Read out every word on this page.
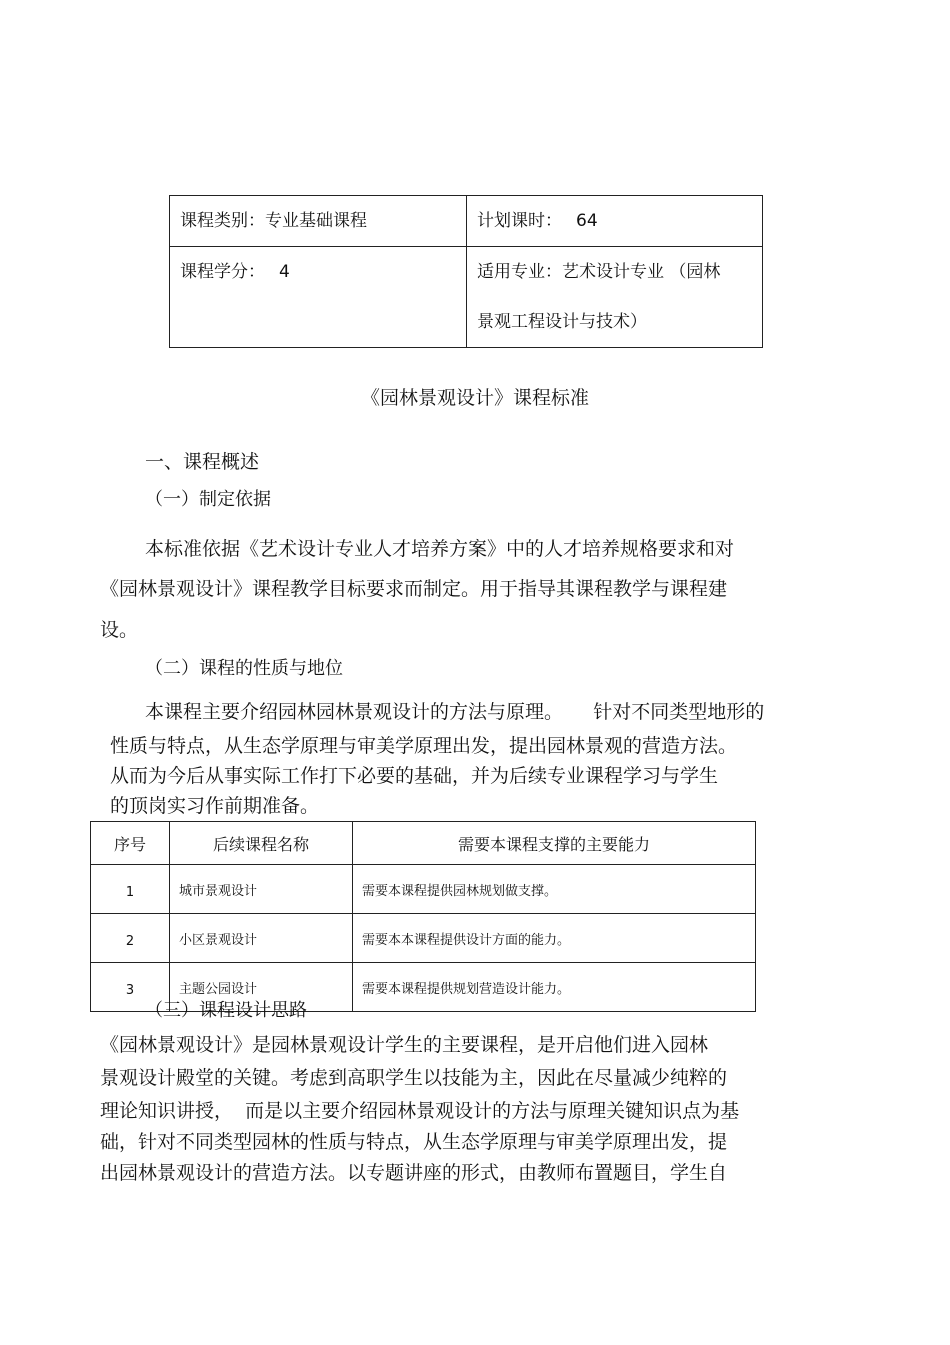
课程类别：专业基础课程	计划课时： 64
课程学分： 4	适用专业：艺术设计专业 （园林
景观工程设计与技术）
《园林景观设计》课程标准
一、课程概述
（一）制定依据
本标准依据《艺术设计专业人才培养方案》中的人才培养规格要求和对
《园林景观设计》课程教学目标要求而制定。用于指导其课程教学与课程建
设。
（二）课程的性质与地位
本课程主要介绍园林园林景观设计的方法与原理。     针对不同类型地形的
性质与特点，从生态学原理与审美学原理出发，提出园林景观的营造方法。
从而为今后从事实际工作打下必要的基础，并为后续专业课程学习与学生
的顶岗实习作前期准备。
序号	后续课程名称	需要本课程支撑的主要能力
1	城市景观设计	需要本课程提供园林规划做支撑。
2	小区景观设计	需要本本课程提供设计方面的能力。
3	主题公园设计	需要本课程提供规划营造设计能力。
（三）课程设计思路
《园林景观设计》是园林景观设计学生的主要课程，是开启他们进入园林
景观设计殿堂的关键。考虑到高职学生以技能为主，因此在尽量减少纯粹的
理论知识讲授，  而是以主要介绍园林景观设计的方法与原理关键知识点为基
础，针对不同类型园林的性质与特点，从生态学原理与审美学原理出发，提
出园林景观设计的营造方法。以专题讲座的形式，由教师布置题目，学生自
